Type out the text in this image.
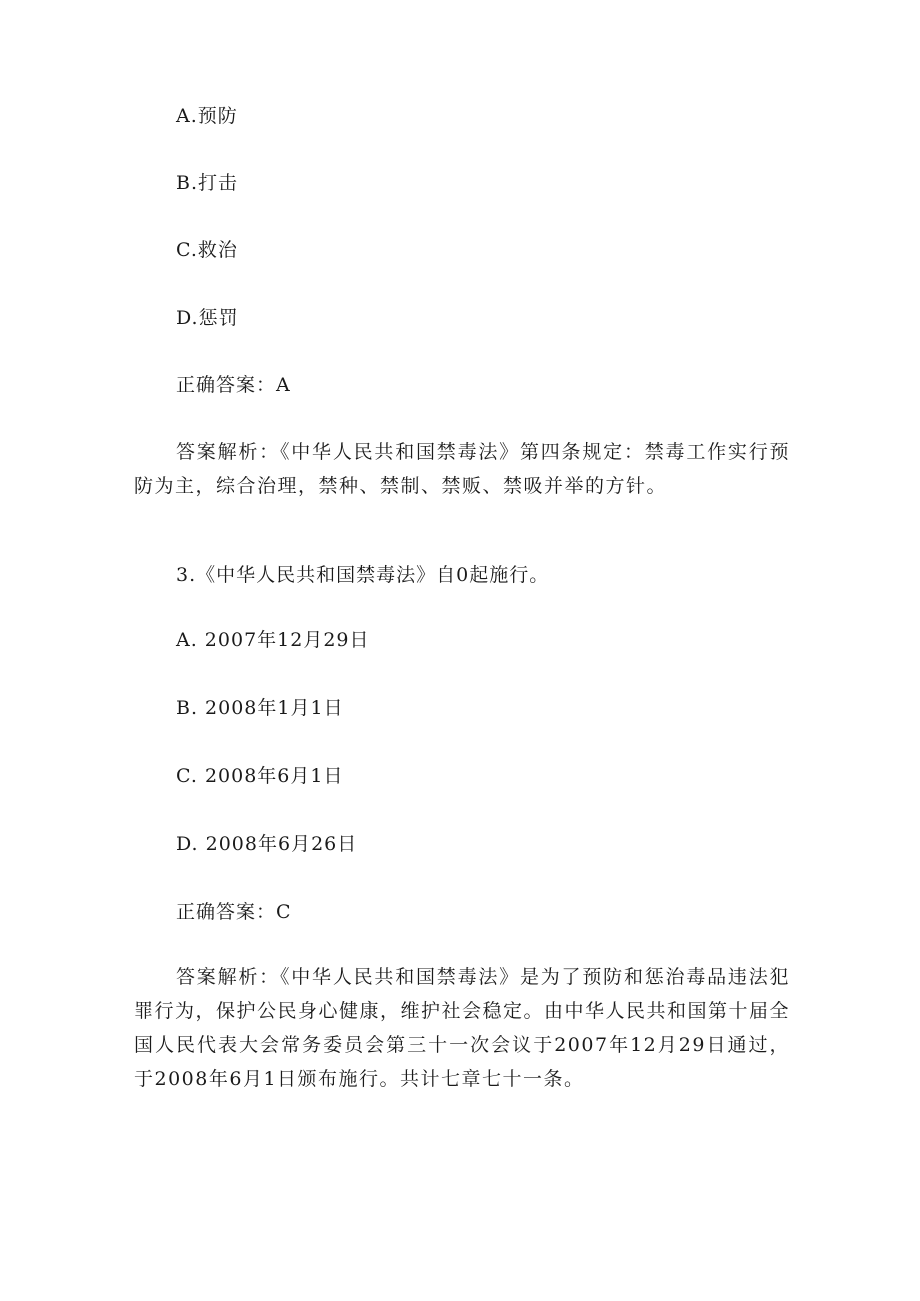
A.预防
B.打击
C.救治
D.惩罚
正确答案：A
答案解析：《中华人民共和国禁毒法》第四条规定：禁毒工作实行预防为主，综合治理，禁种、禁制、禁贩、禁吸并举的方针。
3.《中华人民共和国禁毒法》自0起施行。
A. 2007年12月29日
B. 2008年1月1日
C. 2008年6月1日
D. 2008年6月26日
正确答案：C
答案解析：《中华人民共和国禁毒法》是为了预防和惩治毒品违法犯罪行为，保护公民身心健康，维护社会稳定。由中华人民共和国第十届全国人民代表大会常务委员会第三十一次会议于2007年12月29日通过，于2008年6月1日颁布施行。共计七章七十一条。
